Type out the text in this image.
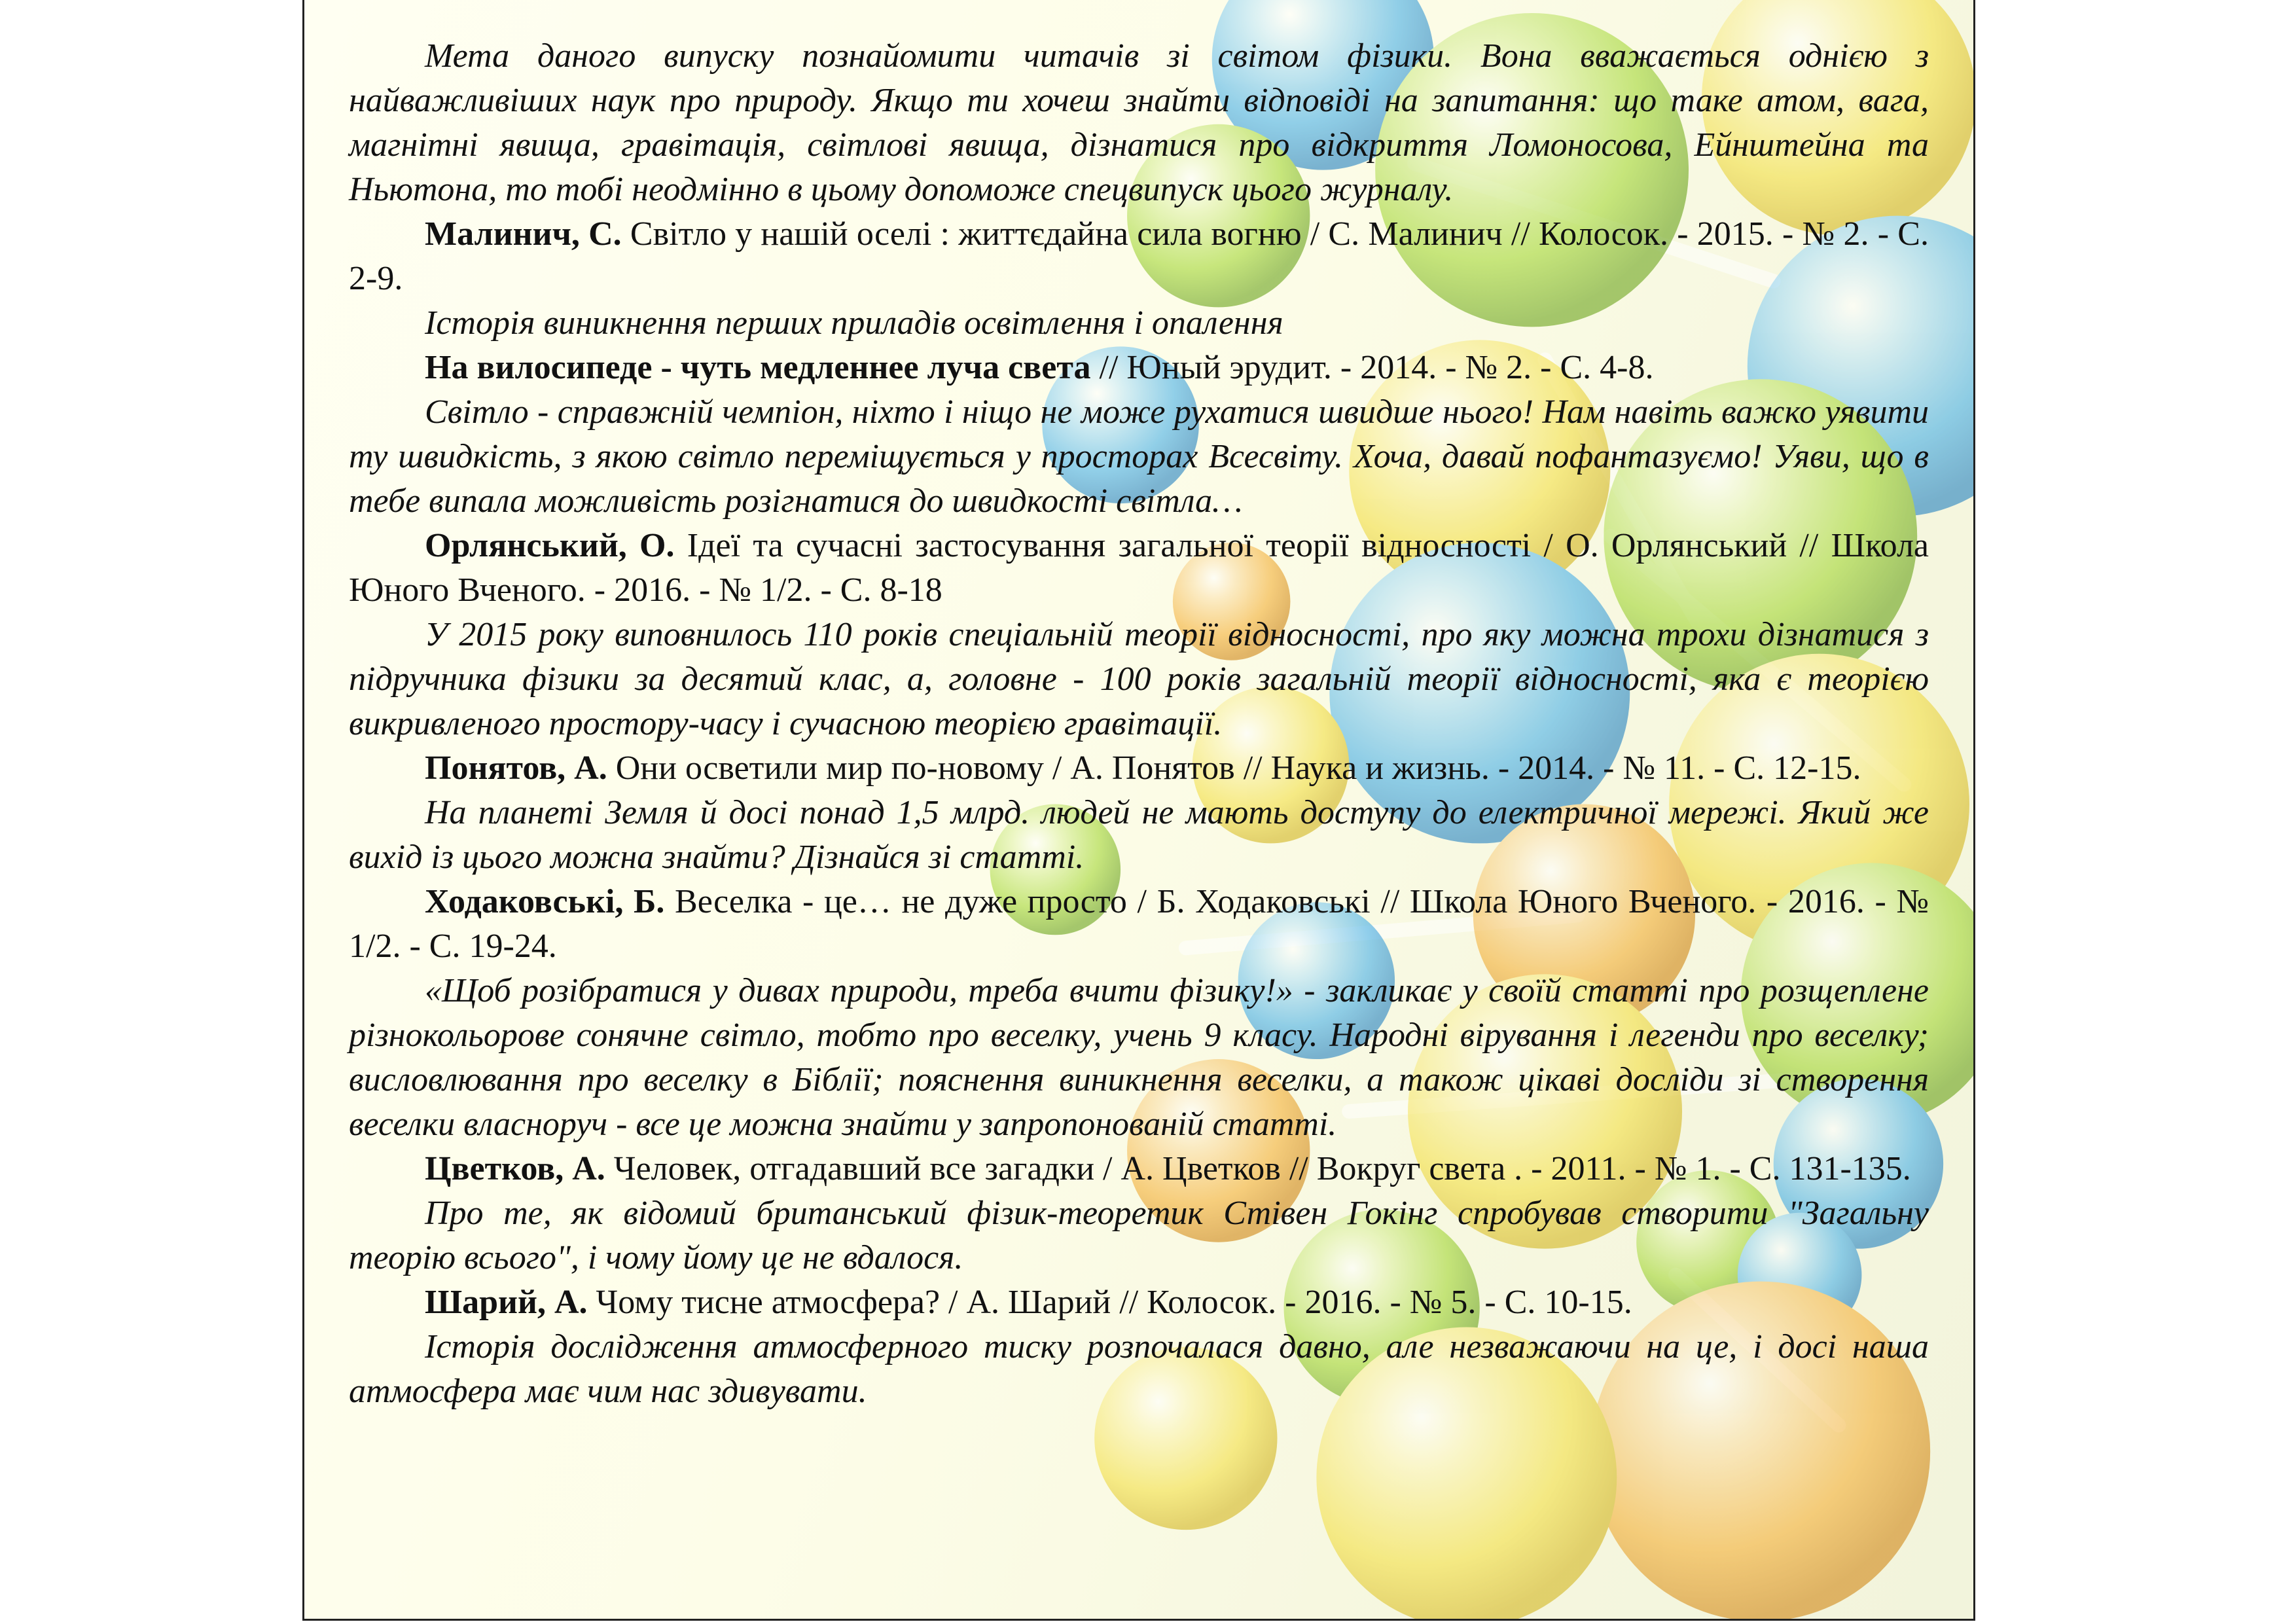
Мета даного випуску познайомити читачів зі світом фізики. Вона вважається однією з найважливіших наук про природу. Якщо ти хочеш знайти відповіді на запитання: що таке атом, вага, магнітні явища, гравітація, світлові явища, дізнатися про відкриття Ломоносова, Ейнштейна та Ньютона, то тобі неодмінно в цьому допоможе спецвипуск цього журналу.

Малинич, С. Світло у нашій оселі : життєдайна сила вогню / С. Малинич // Колосок. - 2015. - № 2. - С. 2-9.

Історія виникнення перших приладів освітлення і опалення

На вилосипеде - чуть медленнее луча света // Юный эрудит. - 2014. - № 2. - С. 4-8.

Світло - справжній чемпіон, ніхто і ніщо не може рухатися швидше нього! Нам навіть важко уявити ту швидкість, з якою світло переміщується у просторах Всесвіту. Хоча, давай пофантазуємо! Уяви, що в тебе випала можливість розігнатися до швидкості світла…

Орлянський, О. Ідеї та сучасні застосування загальної теорії відносності / О. Орлянський // Школа Юного Вченого. - 2016. - № 1/2. - С. 8-18

У 2015 року виповнилось 110 років спеціальній теорії відносності, про яку можна трохи дізнатися з підручника фізики за десятий клас, а, головне - 100 років загальній теорії відносності, яка є теорією викривленого простору-часу і сучасною теорією гравітації.

Понятов, А. Они осветили мир по-новому / А. Понятов // Наука и жизнь. - 2014. - № 11. - С. 12-15.

На планеті Земля й досі понад 1,5 млрд. людей не мають доступу до електричної мережі. Який же вихід із цього можна знайти? Дізнайся зі статті.

Ходаковські, Б. Веселка - це… не дуже просто / Б. Ходаковські // Школа Юного Вченого. - 2016. - № 1/2. - С. 19-24.

«Щоб розібратися у дивах природи, треба вчити фізику!» - закликає у своїй статті про розщеплене різнокольорове сонячне світло, тобто про веселку, учень 9 класу. Народні вірування і легенди про веселку; висловлювання про веселку в Біблії; пояснення виникнення веселки, а також цікаві досліди зі створення веселки власноруч - все це можна знайти у запропонованій статті.

Цветков, А. Человек, отгадавший все загадки / А. Цветков // Вокруг света . - 2011. - № 1. - С. 131-135.

Про те, як відомий британський фізик-теоретик Стівен Гокінг спробував створити "Загальну теорію всього", і чому йому це не вдалося.

Шарий, А. Чому тисне атмосфера? / А. Шарий // Колосок. - 2016. - № 5. - С. 10-15.

Історія дослідження атмосферного тиску розпочалася давно, але незважаючи на це, і досі наша атмосфера має чим нас здивувати.
